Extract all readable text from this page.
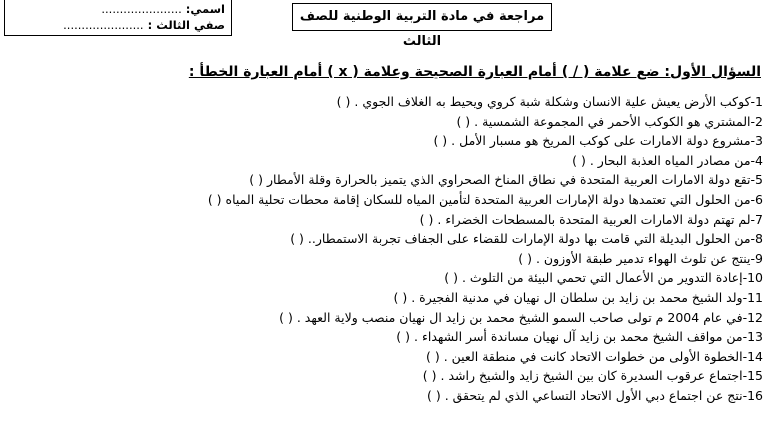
اسمي: ......................
صفي الثالث : ......................
مراجعة في مادة التربية الوطنية للصف الثالث
السؤال الأول: ضع علامة ( / ) أمام العبارة الصحيحة وعلامة ( x ) أمام العبارة الخطأ :
1-كوكب الأرض يعيش علية الانسان وشكلة شبة كروي ويحيط به الغلاف الجوي . ( )
2-المشتري هو الكوكب الأحمر في المجموعة الشمسية . ( )
3-مشروع دولة الامارات على كوكب المريخ هو مسبار الأمل . ( )
4-من مصادر المياه العذبة البحار . ( )
5-تقع دولة الامارات العربية المتحدة في نطاق المناخ الصحراوي الذي يتميز بالحرارة وقلة الأمطار ( )
6-من الحلول التي تعتمدها دولة الإمارات العربية المتحدة لتأمين المياه للسكان إقامة محطات تحلية المياه ( )
7-لم تهتم دولة الامارات العربية المتحدة بالمسطحات الخضراء . ( )
8-من الحلول البديلة التي قامت بها دولة الإمارات للقضاء على الجفاف تجربة الاستمطار.. ( )
9-ينتج عن تلوث الهواء تدمير طبقة الأوزون . ( )
10-إعادة التدوير من الأعمال التي تحمي البيئة من التلوث . ( )
11-ولد الشيخ محمد بن زايد بن سلطان ال نهيان في مدنية الفجيرة . ( )
12-في عام 2004 م تولى صاحب السمو الشيخ محمد بن زايد ال نهيان منصب ولاية العهد . ( )
13-من مواقف الشيخ محمد بن زايد آل نهيان مساندة أسر الشهداء . ( )
14-الخطوة الأولى من خطوات الاتحاد كانت في منطقة العين . ( )
15-اجتماع عرقوب السديرة كان بين الشيخ زايد والشيخ راشد . ( )
16-نتج عن اجتماع دبي الأول الاتحاد التساعي الذي لم يتحقق . ( )
